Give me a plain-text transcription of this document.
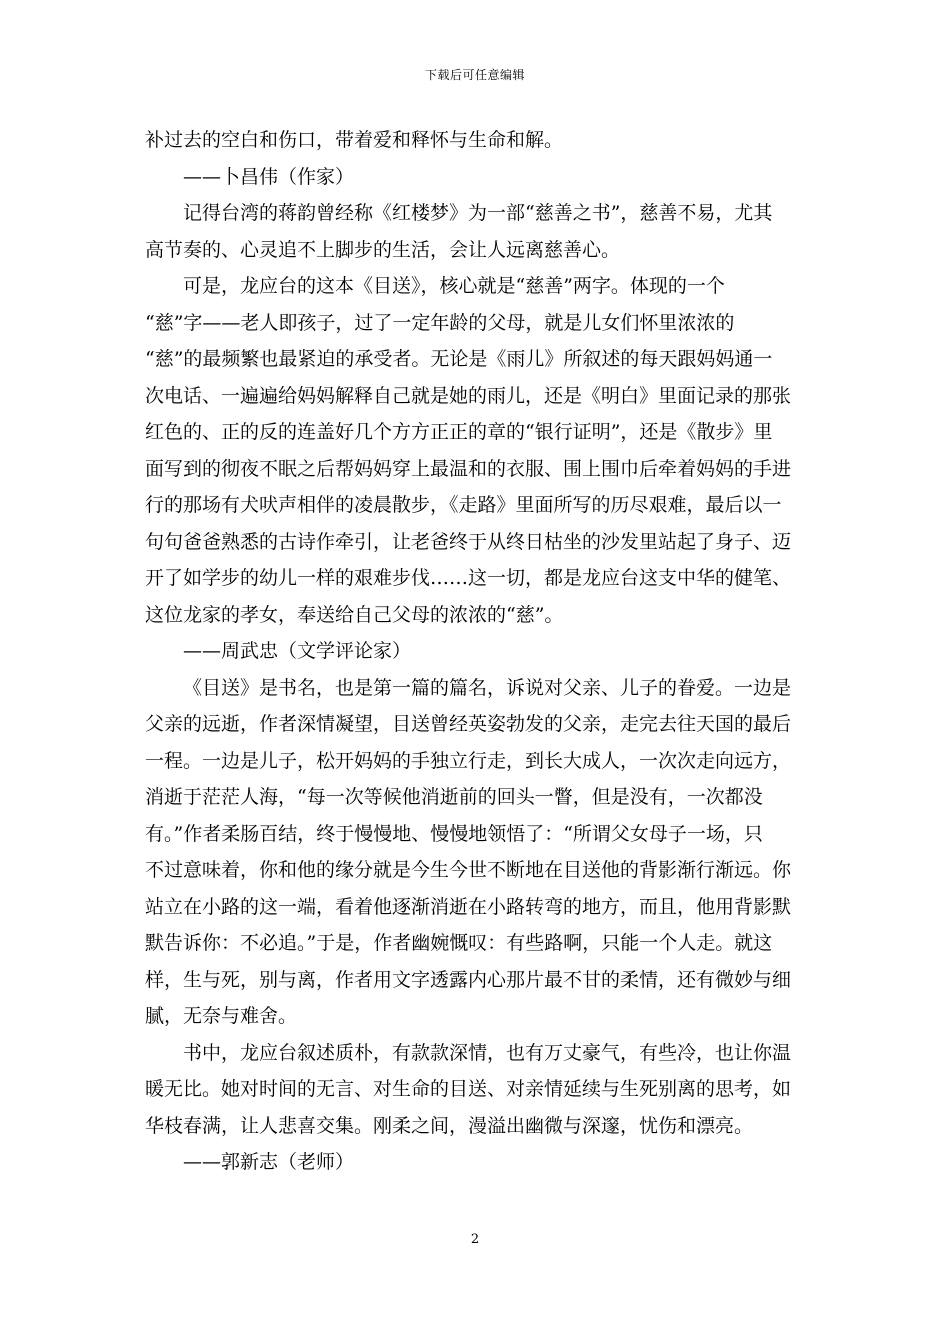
下载后可任意编辑
补过去的空白和伤口，带着爱和释怀与生命和解。
——卜昌伟（作家）
记得台湾的蒋韵曾经称《红楼梦》为一部“慈善之书”，慈善不易，尤其
高节奏的、心灵追不上脚步的生活，会让人远离慈善心。
可是，龙应台的这本《目送》，核心就是“慈善”两字。体现的一个
“慈”字——老人即孩子，过了一定年龄的父母，就是儿女们怀里浓浓的
“慈”的最频繁也最紧迫的承受者。无论是《雨儿》所叙述的每天跟妈妈通一
次电话、一遍遍给妈妈解释自己就是她的雨儿，还是《明白》里面记录的那张
红色的、正的反的连盖好几个方方正正的章的“银行证明”，还是《散步》里
面写到的彻夜不眠之后帮妈妈穿上最温和的衣服、围上围巾后牵着妈妈的手进
行的那场有犬吠声相伴的凌晨散步，《走路》里面所写的历尽艰难，最后以一
句句爸爸熟悉的古诗作牵引，让老爸终于从终日枯坐的沙发里站起了身子、迈
开了如学步的幼儿一样的艰难步伐……这一切，都是龙应台这支中华的健笔、
这位龙家的孝女，奉送给自己父母的浓浓的“慈”。
——周武忠（文学评论家）
《目送》是书名，也是第一篇的篇名，诉说对父亲、儿子的眷爱。一边是
父亲的远逝，作者深情凝望，目送曾经英姿勃发的父亲，走完去往天国的最后
一程。一边是儿子，松开妈妈的手独立行走，到长大成人，一次次走向远方，
消逝于茫茫人海，“每一次等候他消逝前的回头一瞥，但是没有，一次都没
有。”作者柔肠百结，终于慢慢地、慢慢地领悟了：“所谓父女母子一场，只
不过意味着，你和他的缘分就是今生今世不断地在目送他的背影渐行渐远。你
站立在小路的这一端，看着他逐渐消逝在小路转弯的地方，而且，他用背影默
默告诉你：不必追。”于是，作者幽婉慨叹：有些路啊，只能一个人走。就这
样，生与死，别与离，作者用文字透露内心那片最不甘的柔情，还有微妙与细
腻，无奈与难舍。
书中，龙应台叙述质朴，有款款深情，也有万丈豪气，有些冷，也让你温
暖无比。她对时间的无言、对生命的目送、对亲情延续与生死别离的思考，如
华枝春满，让人悲喜交集。刚柔之间，漫溢出幽微与深邃，忧伤和漂亮。
——郭新志（老师）
2
